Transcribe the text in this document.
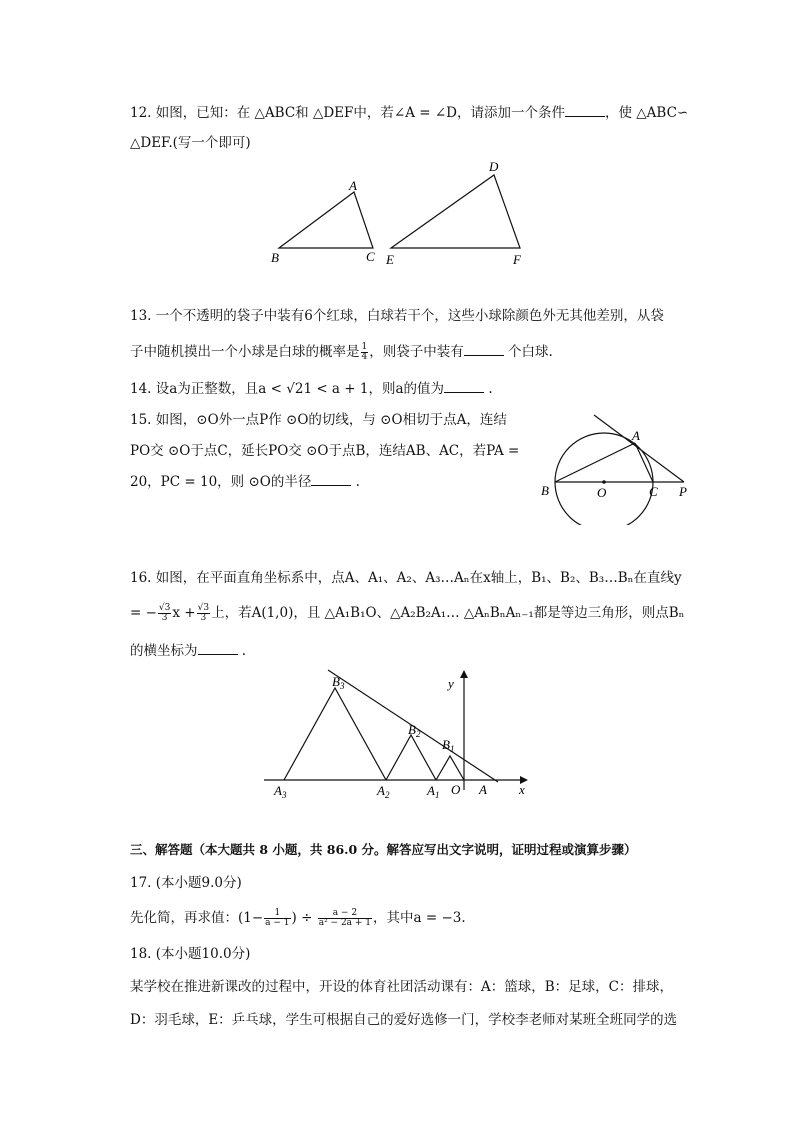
12. 如图，已知：在 △ABC和 △DEF中，若∠A = ∠D，请添加一个条件	，使 △ABC∽
△DEF.(写一个即可)
A
B	C
D
E	F
13. 一个不透明的袋子中装有6个红球，白球若干个，这些小球除颜色外无其他差别，从袋
子中随机摸出一个小球是白球的概率是 $\frac{1}{4}$ ，则袋子中装有	个白球.
14. 设a为正整数，且a < √21 < a + 1，则a的值为	.
15. 如图，⊙O外一点P作 ⊙O的切线，与 ⊙O相切于点A，连结
PO交 ⊙O于点C，延长PO交 ⊙O于点B，连结AB、AC，若PA =
20，PC = 10，则 ⊙O的半径	.
A
B	O	C P
16. 如图，在平面直角坐标系中，点A、A₁、A₂、A₃…Aₙ在x轴上，B₁、B₂、B₃…Bₙ在直线y
= − $\frac{√3}{3}$ $x + \frac{√3}{3}$ 上，若A(1,0)，且 △A₁B₁O、△A₂B₂A₁… △AₙBₙAₙ₋₁都是等边三角形，则点Bₙ
的横坐标为	.
$B_3$
$B_2$
$B_1$
$A_3$	$A_2$	$A_1$ O A x
y
三、解答题（本大题共 8 小题，共 86.0 分。解答应写出文字说明，证明过程或演算步骤）
17. (本小题9.0分)
先化简，再求值：($1- \frac{1}{a - 1}$ ) ÷ $\frac{a - 2}{\text{a² − 2a + 1}}$ ，其中a = −3.
18. (本小题10.0分)
某学校在推进新课改的过程中，开设的体育社团活动课有：A：篮球，B：足球，C：排球，
D：羽毛球，E：乒乓球，学生可根据自己的爱好选修一门，学校李老师对某班全班同学的选
